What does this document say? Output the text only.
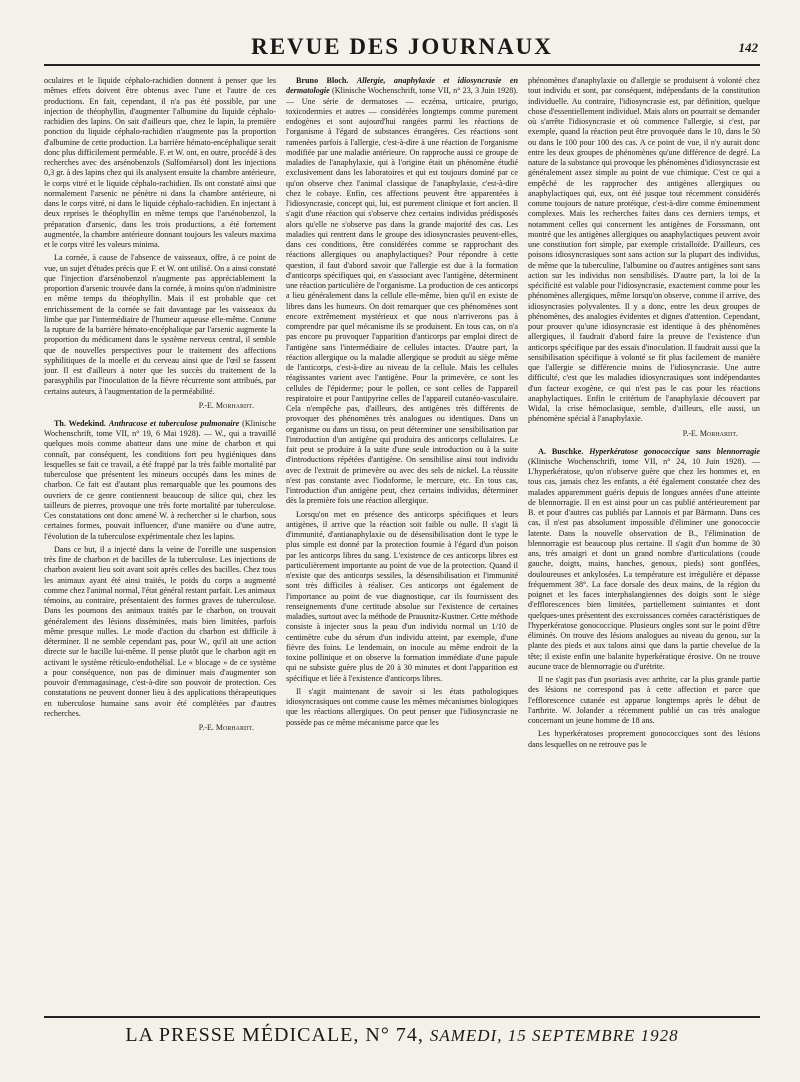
REVUE DES JOURNAUX	142

oculaires et le liquide céphalo-rachidien donnent à penser que les mêmes effets doivent être obtenus avec l'une et l'autre de ces productions. En fait, cependant, il n'a pas été possible, par une injection de théophyllin, d'augmenter l'albumine du liquide céphalo-rachidien des lapins. On sait d'ailleurs que, chez le lapin, la première ponction du liquide céphalo-rachidien n'augmente pas la proportion d'albumine de cette production. La barrière hémato-encéphalique serait donc plus difficilement perméable. F. et W. ont, en outre, procédé à des recherches avec des arsénobenzols (Sulfoméarsol) dont les injections 0,3 gr. à des lapins chez qui ils analysent ensuite la chambre antérieure, le corps vitré et le liquide céphalo-rachidien. Ils ont constaté ainsi que normalement l'arsenic ne pénètre ni dans la chambre antérieure, ni dans le corps vitré, ni dans le liquide céphalo-rachidien. En injectant à deux reprises le théophyllin en même temps que l'arsénobenzol, la préparation d'arsenic, dans les trois productions, a été fortement augmentée, la chambre antérieure donnant toujours les valeurs maxima et le corps vitré les valeurs minima.

La cornée, à cause de l'absence de vaisseaux, offre, à ce point de vue, un sujet d'études précis que F. et W. ont utilisé. On a ainsi constaté que l'injection d'arsénobenzol n'augmente pas appréciablement la proportion d'arsenic trouvée dans la cornée, à moins qu'on n'administre en même temps du théophyllin. Mais il est probable que cet enrichissement de la cornée se fait davantage par les vaisseaux du limbe que par l'intermédiaire de l'humeur aqueuse elle-même. Comme la rupture de la barrière hémato-encéphalique par l'arsenic augmente la proportion du médicament dans le système nerveux central, il semble que de nouvelles perspectives pour le traitement des affections syphilitiques de la moelle et du cerveau ainsi que de l'œil se fassent jour. Il est d'ailleurs à noter que les succès du traitement de la parasyphilis par l'inoculation de la fièvre récurrente sont attribués, par certains auteurs, à l'augmentation de la perméabilité.

P.-E. Morhardt.

Th. Wedekind. Anthracose et tuberculose pulmonaire (Klinische Wochenschrift, tome VII, n° 19, 6 Mai 1928). — W., qui a travaillé quelques mois comme abatteur dans une mine de charbon et qui connaît, par conséquent, les conditions fort peu hygiéniques dans lesquelles se fait ce travail, a été frappé par la très faible mortalité par tuberculose que présentent les mineurs occupés dans les mines de charbon. Ce fait est d'autant plus remarquable que les poumons des ouvriers de ce genre contiennent beaucoup de silice qui, chez les tailleurs de pierres, provoque une très forte mortalité par tuberculose. Ces constatations ont donc amené W. à rechercher si le charbon, sous certaines formes, pouvait influencer, d'une manière ou d'une autre, l'évolution de la tuberculose expérimentale chez les lapins.

Dans ce but, il a injecté dans la veine de l'oreille une suspension très fine de charbon et de bacilles de la tuberculose. Les injections de charbon avaient lieu soit avant soit après celles des bacilles. Chez tous les animaux ayant été ainsi traités, le poids du corps a augmenté comme chez l'animal normal, l'état général restant parfait. Les animaux témoins, au contraire, présentaient des formes graves de tuberculose. Dans les poumons des animaux traités par le charbon, on trouvait généralement des lésions disséminées, mais bien limitées, parfois même presque nulles. Le mode d'action du charbon est difficile à déterminer. Il ne semble cependant pas, pour W., qu'il ait une action directe sur le bacille lui-même. Il pense plutôt que le charbon agit en activant le système réticulo-endothélial. Le « blocage » de ce système a pour conséquence, non pas de diminuer mais d'augmenter son pouvoir d'emmagasinage, c'est-à-dire son pouvoir de protection. Ces constatations ne peuvent donner lieu à des applications thérapeutiques en tuberculose humaine sans avoir été complétées par d'autres recherches.

P.-E. Morhardt.

Bruno Bloch. Allergie, anaphylaxie et idiosyncrasie en dermatologie (Klinische Wochenschrift, tome VII, n° 23, 3 Juin 1928). — Une série de dermatoses — eczéma, urticaire, prurigo, toxicodermies et autres — considérées longtemps comme purement endogènes et sont aujourd'hui rangées parmi les réactions de l'organisme à l'égard de substances étrangères. Ces réactions sont ramenées parfois à l'allergie, c'est-à-dire à une réaction de l'organisme modifiée par une maladie antérieure. On rapproche aussi ce groupe de maladies de l'anaphylaxie, qui à l'origine était un phénomène étudié exclusivement dans les laboratoires et qui est toujours dominé par ce qu'on observe chez l'animal classique de l'anaphylaxie, c'est-à-dire chez le cobaye. Enfin, ces affections peuvent être apparentées à l'idiosyncrasie, concept qui, lui, est purement clinique et fort ancien. Il s'agit d'une réaction qui s'observe chez certains individus prédisposés alors qu'elle ne s'observe pas dans la grande majorité des cas. Les maladies qui rentrent dans le groupe des idiosyncrasies peuvent-elles, dans ces conditions, être considérées comme se rapprochant des réactions allergiques ou anaphylactiques? Pour répondre à cette question, il faut d'abord savoir que l'allergie est due à la formation d'anticorps spécifiques qui, en s'associant avec l'antigène, déterminent une réaction particulière de l'organisme. La production de ces anticorps a lieu généralement dans la cellule elle-même, bien qu'il en existe de libres dans les humeurs. On doit remarquer que ces phénomènes sont encore extrêmement mystérieux et que nous n'arriverons pas à comprendre par quel mécanisme ils se produisent. En tous cas, on n'a pas encore pu provoquer l'apparition d'anticorps par emploi direct de l'antigène sans l'intermédiaire de cellules intactes. D'autre part, la réaction allergique ou la maladie allergique se produit au siège même de l'anticorps, c'est-à-dire au niveau de la cellule. Mais les cellules réagissantes varient avec l'antigène. Pour la primevère, ce sont les cellules de l'épiderme; pour le pollen, ce sont celles de l'appareil respiratoire et pour l'antipyrine celles de l'appareil cutanéo-vasculaire. Cela n'empêche pas, d'ailleurs, des antigènes très différents de provoquer des phénomènes très analogues ou identiques. Dans un organisme ou dans un tissu, on peut déterminer une sensibilisation par l'introduction d'un antigène qui produira des anticorps cellulaires. Le fait peut se produire à la suite d'une seule introduction ou à la suite d'introductions répétées d'antigène. On sensibilise ainsi tout individu avec de l'extrait de primevère ou avec des sels de nickel. La réussite n'est pas constante avec l'iodoforme, le mercure, etc. En tous cas, l'introduction d'un antigène peut, chez certains individus, déterminer dès la première fois une réaction allergique.

Lorsqu'on met en présence des anticorps spécifiques et leurs antigènes, il arrive que la réaction soit faible ou nulle. Il s'agit là d'immunité, d'antianaphylaxie ou de désensibilisation dont le type le plus simple est donné par la protection fournie à l'égard d'un poison par les anticorps libres du sang. L'existence de ces anticorps libres est particulièrement importante au point de vue de la protection. Quand il n'existe que des anticorps sessiles, la désensibilisation et l'immunité sont très difficiles à réaliser. Ces anticorps ont également de l'importance au point de vue diagnostique, car ils fournissent des renseignements d'une certitude absolue sur l'existence de certaines maladies, surtout avec la méthode de Prausnitz-Kustner. Cette méthode consiste à injecter sous la peau d'un individu normal un 1/10 de centimètre cube du sérum d'un individu atteint, par exemple, d'une fièvre des foins. Le lendemain, on inocule au même endroit de la toxine pollinique et on observe la formation immédiate d'une papule qui ne subsiste guère plus de 20 à 30 minutes et dont l'apparition est spécifique et liée à l'existence d'anticorps libres.

Il s'agit maintenant de savoir si les états pathologiques idiosyncrasiques ont comme cause les mêmes mécanismes biologiques que les réactions allergiques. On peut penser que l'idiosyncrasie ne possède pas ce même mécanisme parce que les

phénomènes d'anaphylaxie ou d'allergie se produisent à volonté chez tout individu et sont, par conséquent, indépendants de la constitution individuelle. Au contraire, l'idiosyncrasie est, par définition, quelque chose d'essentiellement individuel. Mais alors on pourrait se demander où s'arrête l'idiosyncrasie et où commence l'allergie, si c'est, par exemple, quand la réaction peut être provoquée dans le 10, dans le 50 ou dans le 100 pour 100 des cas. A ce point de vue, il n'y aurait donc entre les deux groupes de phénomènes qu'une différence de degré. La nature de la substance qui provoque les phénomènes d'idiosyncrasie est généralement assez simple au point de vue chimique. C'est ce qui a empêché de les rapprocher des antigènes allergiques ou anaphylactiques qui, eux, ont été jusque tout récemment considérés comme toujours de nature protéique, c'est-à-dire comme éminemment complexes. Mais les recherches faites dans ces derniers temps, et notamment celles qui concernent les antigènes de Forssmann, ont montré que les antigènes allergiques ou anaphylactiques peuvent avoir une constitution fort simple, par exemple cristalloïde. D'ailleurs, ces poisons idiosyncrasiques sont sans action sur la plupart des individus, de même que la tuberculine, l'albumine ou d'autres antigènes sont sans action sur les individus non sensibilisés. D'autre part, la loi de la spécificité est valable pour l'idiosyncrasie, exactement comme pour les phénomènes allergiques, même lorsqu'on observe, comme il arrive, des idiosyncrasies polyvalentes. Il y a donc, entre les deux groupes de phénomènes, des analogies évidentes et dignes d'attention. Cependant, pour prouver qu'une idiosyncrasie est identique à des phénomènes allergiques, il faudrait d'abord faire la preuve de l'existence d'un anticorps spécifique par des essais d'inoculation. Il faudrait aussi que la sensibilisation spécifique à volonté se fit plus facilement de manière que l'allergie se différencie moins de l'idiosyncrasie. Une autre difficulté, c'est que les maladies idiosyncrasiques sont indépendantes d'un facteur exogène, ce qui n'est pas le cas pour les réactions anaphylactiques. Enfin le critérium de l'anaphylaxie découvert par Widal, la crise hémoclasique, semble, d'ailleurs, elle aussi, un phénomène spécial à l'anaphylaxie.

P.-E. Morhardt.

A. Buschke. Hyperkératose gonococcique sans blennorragie (Klinische Wochenschrift, tome VII, n° 24, 10 Juin 1928). — L'hyperkératose, qu'on n'observe guère que chez les hommes et, en tous cas, jamais chez les enfants, a été également constatée chez des malades apparemment guéris depuis de longues années d'une atteinte de blennorragie. Il en est ainsi pour un cas publié antérieurement par B. et pour d'autres cas publiés par Lannois et par Bärmann. Dans ces cas, il n'est pas absolument impossible d'éliminer une gonococcie latente. Dans la nouvelle observation de B., l'élimination de blennorragie est beaucoup plus certaine. Il s'agit d'un homme de 30 ans, très amaigri et dont un grand nombre d'articulations (coude gauche, doigts, mains, hanches, genoux, pieds) sont gonflées, douloureuses et ankylosées. La température est irrégulière et dépasse fréquemment 38°. La face dorsale des deux mains, de la région du poignet et les faces interphalangiennes des doigts sont le siège d'efflorescences bien limitées, partiellement suintantes et dont quelques-unes présentent des excroissances cornées caractéristiques de l'hyperkératose gonococcique. Plusieurs ongles sont sur le point d'être éliminés. On trouve des lésions analogues au niveau du genou, sur la plante des pieds et aux talons ainsi que dans la partie chevelue de la tête; il existe enfin une balanite hyperkératique érosive. On ne trouve aucune trace de blennorragie ou d'urétrite.

Il ne s'agit pas d'un psoriasis avec arthrite, car la plus grande partie des lésions ne correspond pas à cette affection et parce que l'efflorescence cutanée est apparue longtemps après le début de l'arthrite. W. Jolander a récemment publié un cas très analogue concernant un jeune homme de 18 ans.

Les hyperkératoses proprement gonococciques sont des lésions dans lesquelles on ne retrouve pas le

LA PRESSE MÉDICALE, N° 74, SAMEDI, 15 SEPTEMBRE 1928
